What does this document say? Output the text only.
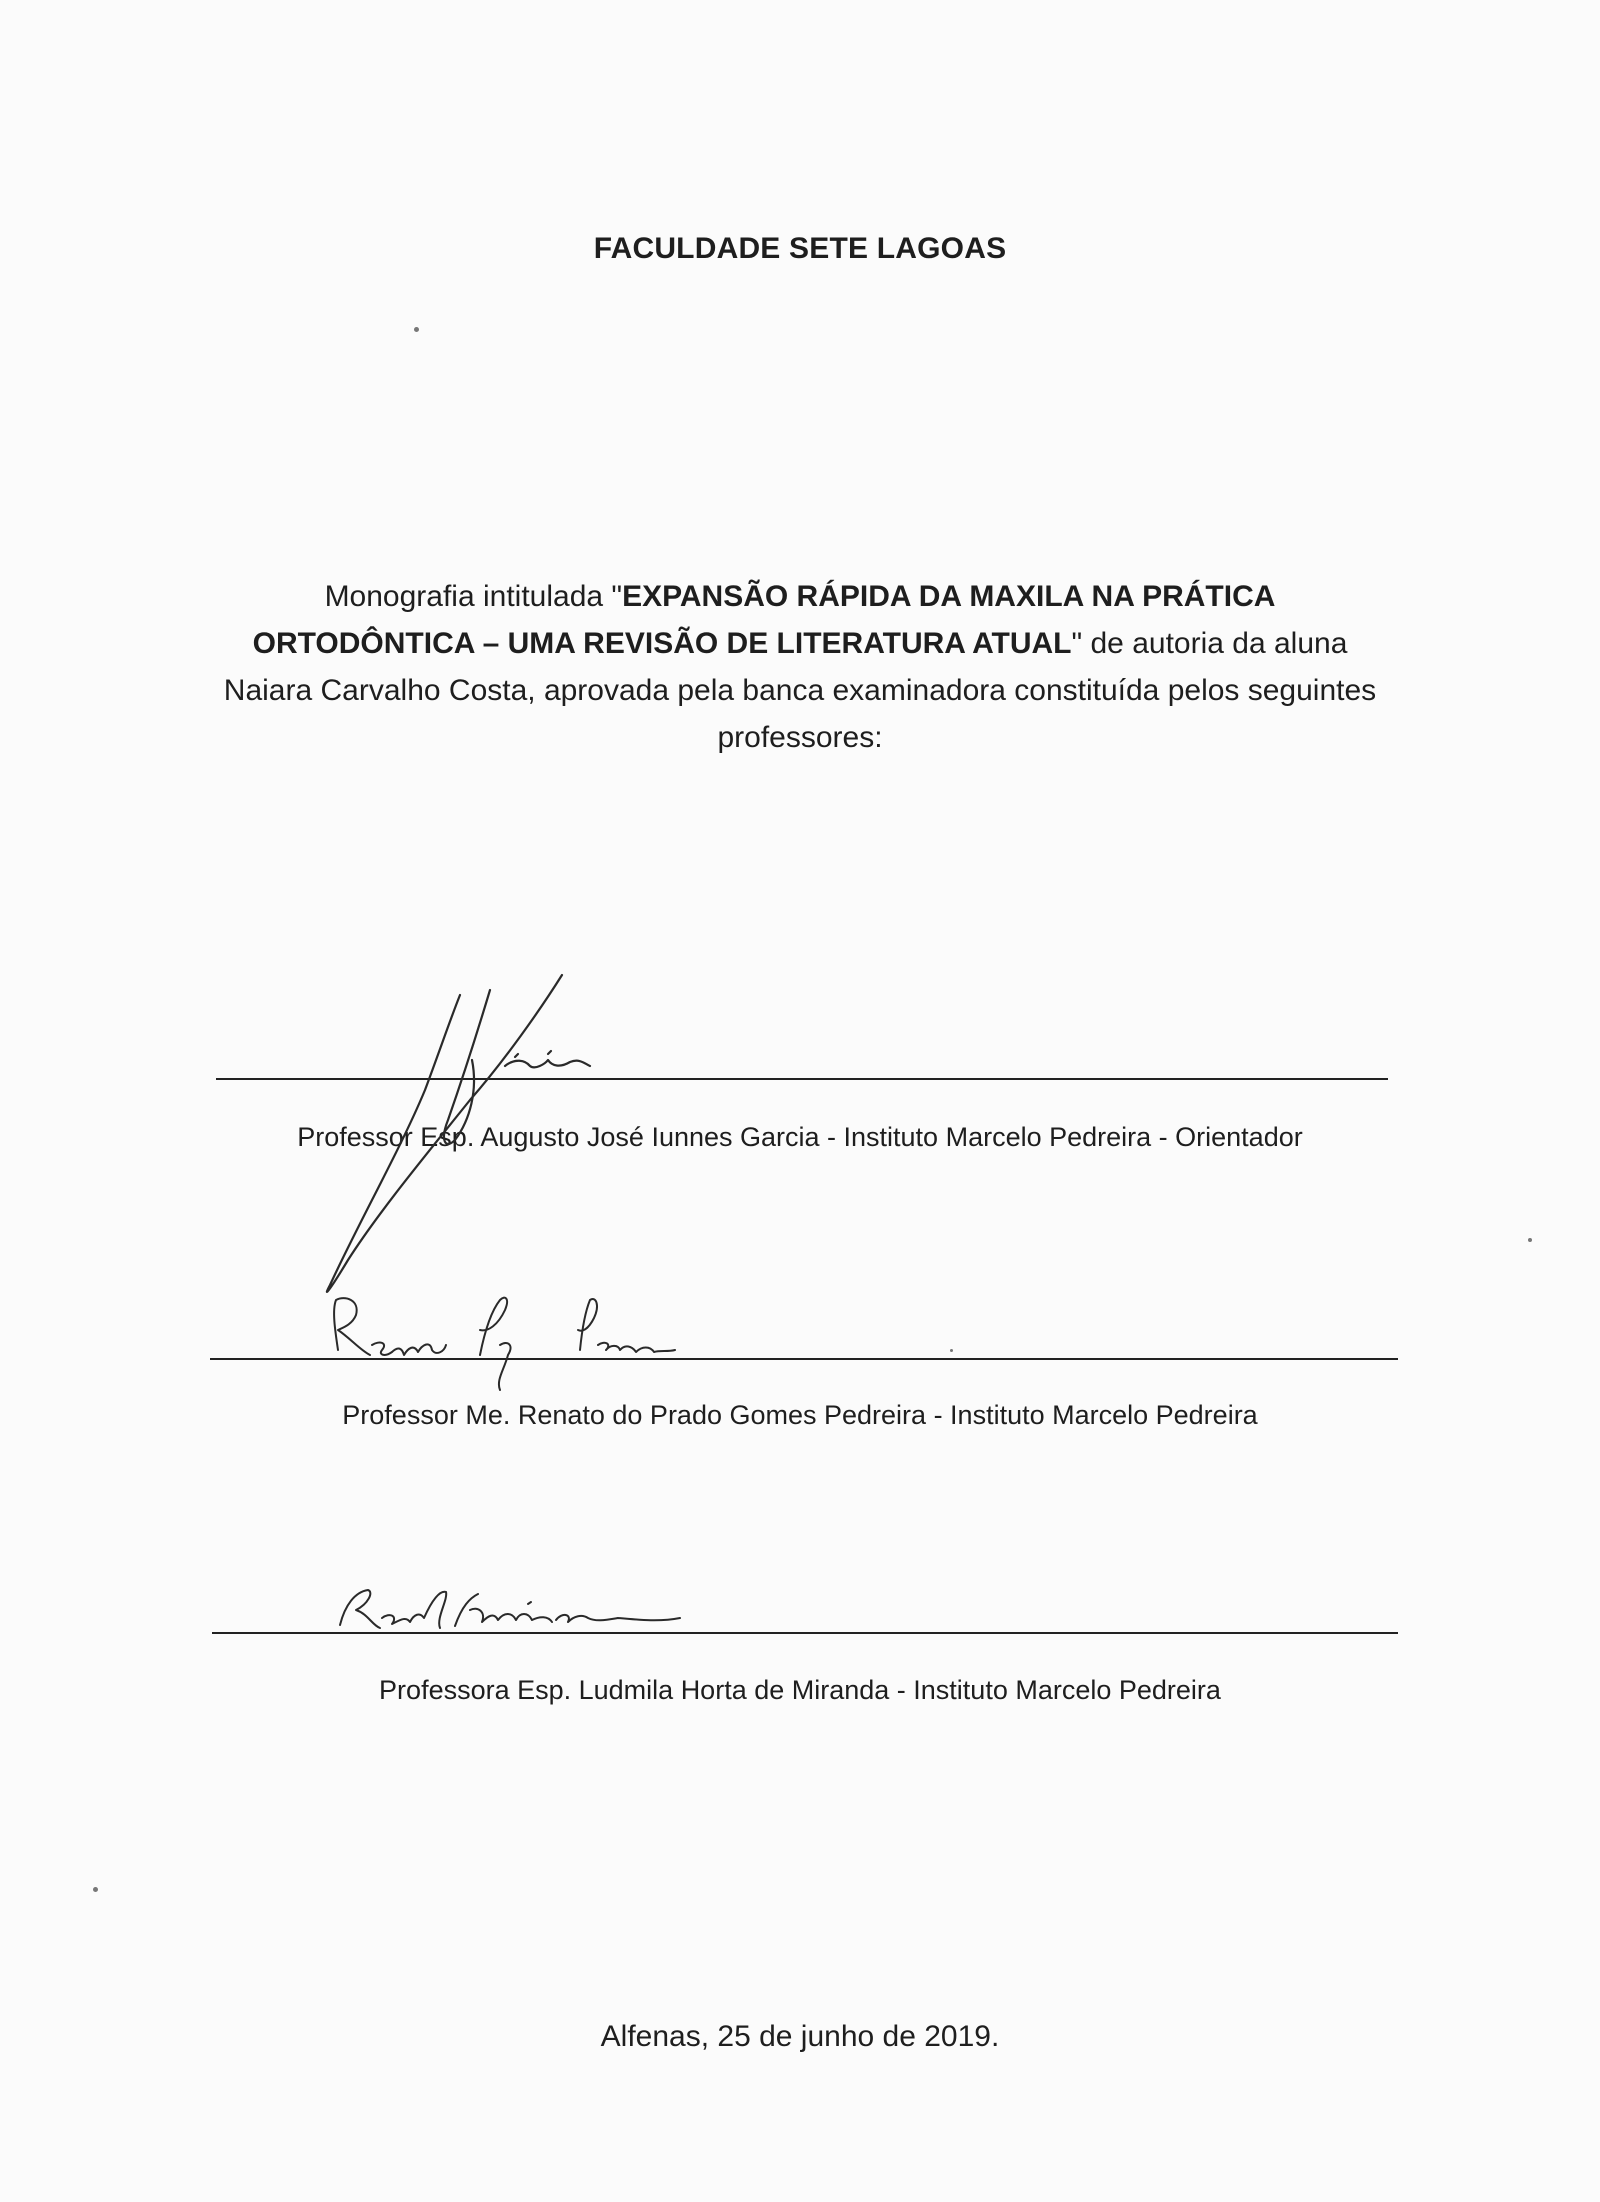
FACULDADE SETE LAGOAS
Monografia intitulada "EXPANSÃO RÁPIDA DA MAXILA NA PRÁTICA ORTODÔNTICA – UMA REVISÃO DE LITERATURA ATUAL" de autoria da aluna Naiara Carvalho Costa, aprovada pela banca examinadora constituída pelos seguintes professores:
Professor Esp. Augusto José Iunnes Garcia - Instituto Marcelo Pedreira - Orientador
Professor Me. Renato do Prado Gomes Pedreira - Instituto Marcelo Pedreira
Professora Esp. Ludmila Horta de Miranda - Instituto Marcelo Pedreira
Alfenas, 25 de junho de 2019.
